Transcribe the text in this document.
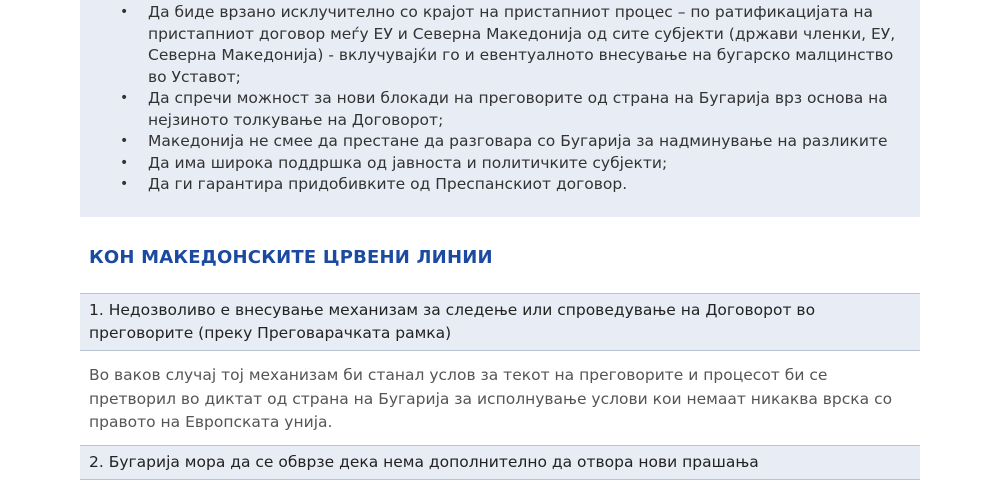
• Да биде врзано исклучително со крајот на пристапниот процес – по ратификацијата на пристапниот договор меѓу ЕУ и Северна Македонија од сите субјекти (држави членки, ЕУ, Северна Македонија) - вклучувајќи го и евентуалното внесување на бугарско малцинство во Уставот;
• Да спречи можност за нови блокади на преговорите од страна на Бугарија врз основа на нејзиното толкување на Договорот;
• Македонија не смее да престане да разговара со Бугарија за надминување на разликите
• Да има широка поддршка од јавноста и политичките субјекти;
• Да ги гарантира придобивките од Преспанскиот договор.
КОН МАКЕДОНСКИТЕ ЦРВЕНИ ЛИНИИ
1. Недозволиво е внесување механизам за следење или спроведување на Договорот во преговорите (преку Преговарачката рамка)

Во ваков случај тој механизам би станал услов за текот на преговорите и процесот би се претворил во диктат од страна на Бугарија за исполнување услови кои немаат никаква врска со правото на Европската унија.

2. Бугарија мора да се обврзе дека нема дополнително да отвора нови прашања
